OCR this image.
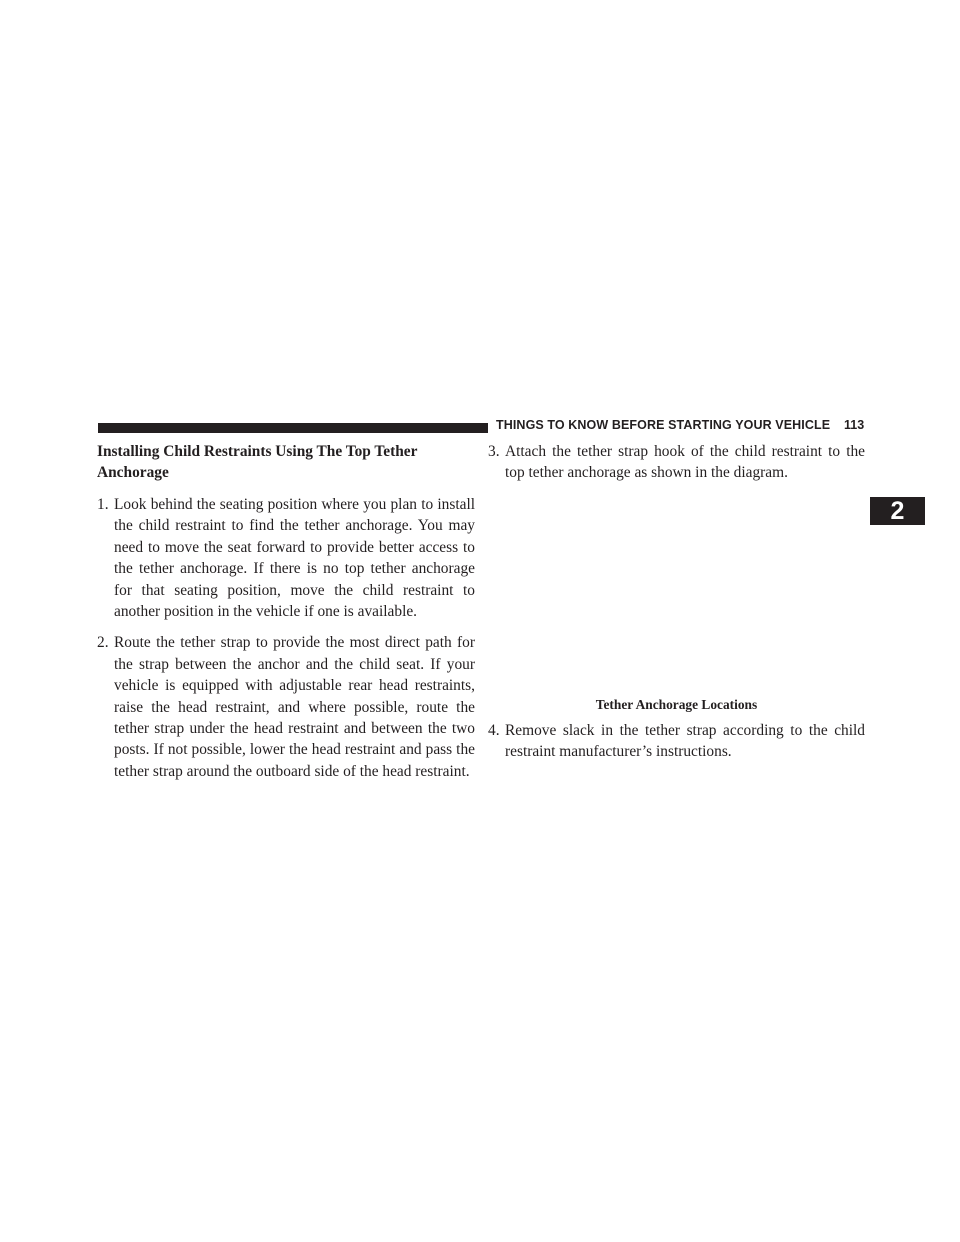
THINGS TO KNOW BEFORE STARTING YOUR VEHICLE 113
2
Installing Child Restraints Using The Top Tether Anchorage
1. Look behind the seating position where you plan to install the child restraint to find the tether anchorage. You may need to move the seat forward to provide better access to the tether anchorage. If there is no top tether anchorage for that seating position, move the child restraint to another position in the vehicle if one is available.
2. Route the tether strap to provide the most direct path for the strap between the anchor and the child seat. If your vehicle is equipped with adjustable rear head restraints, raise the head restraint, and where possible, route the tether strap under the head restraint and between the two posts. If not possible, lower the head restraint and pass the tether strap around the outboard side of the head restraint.
3. Attach the tether strap hook of the child restraint to the top tether anchorage as shown in the diagram.

Tether Anchorage Locations

4. Remove slack in the tether strap according to the child restraint manufacturer’s instructions.
